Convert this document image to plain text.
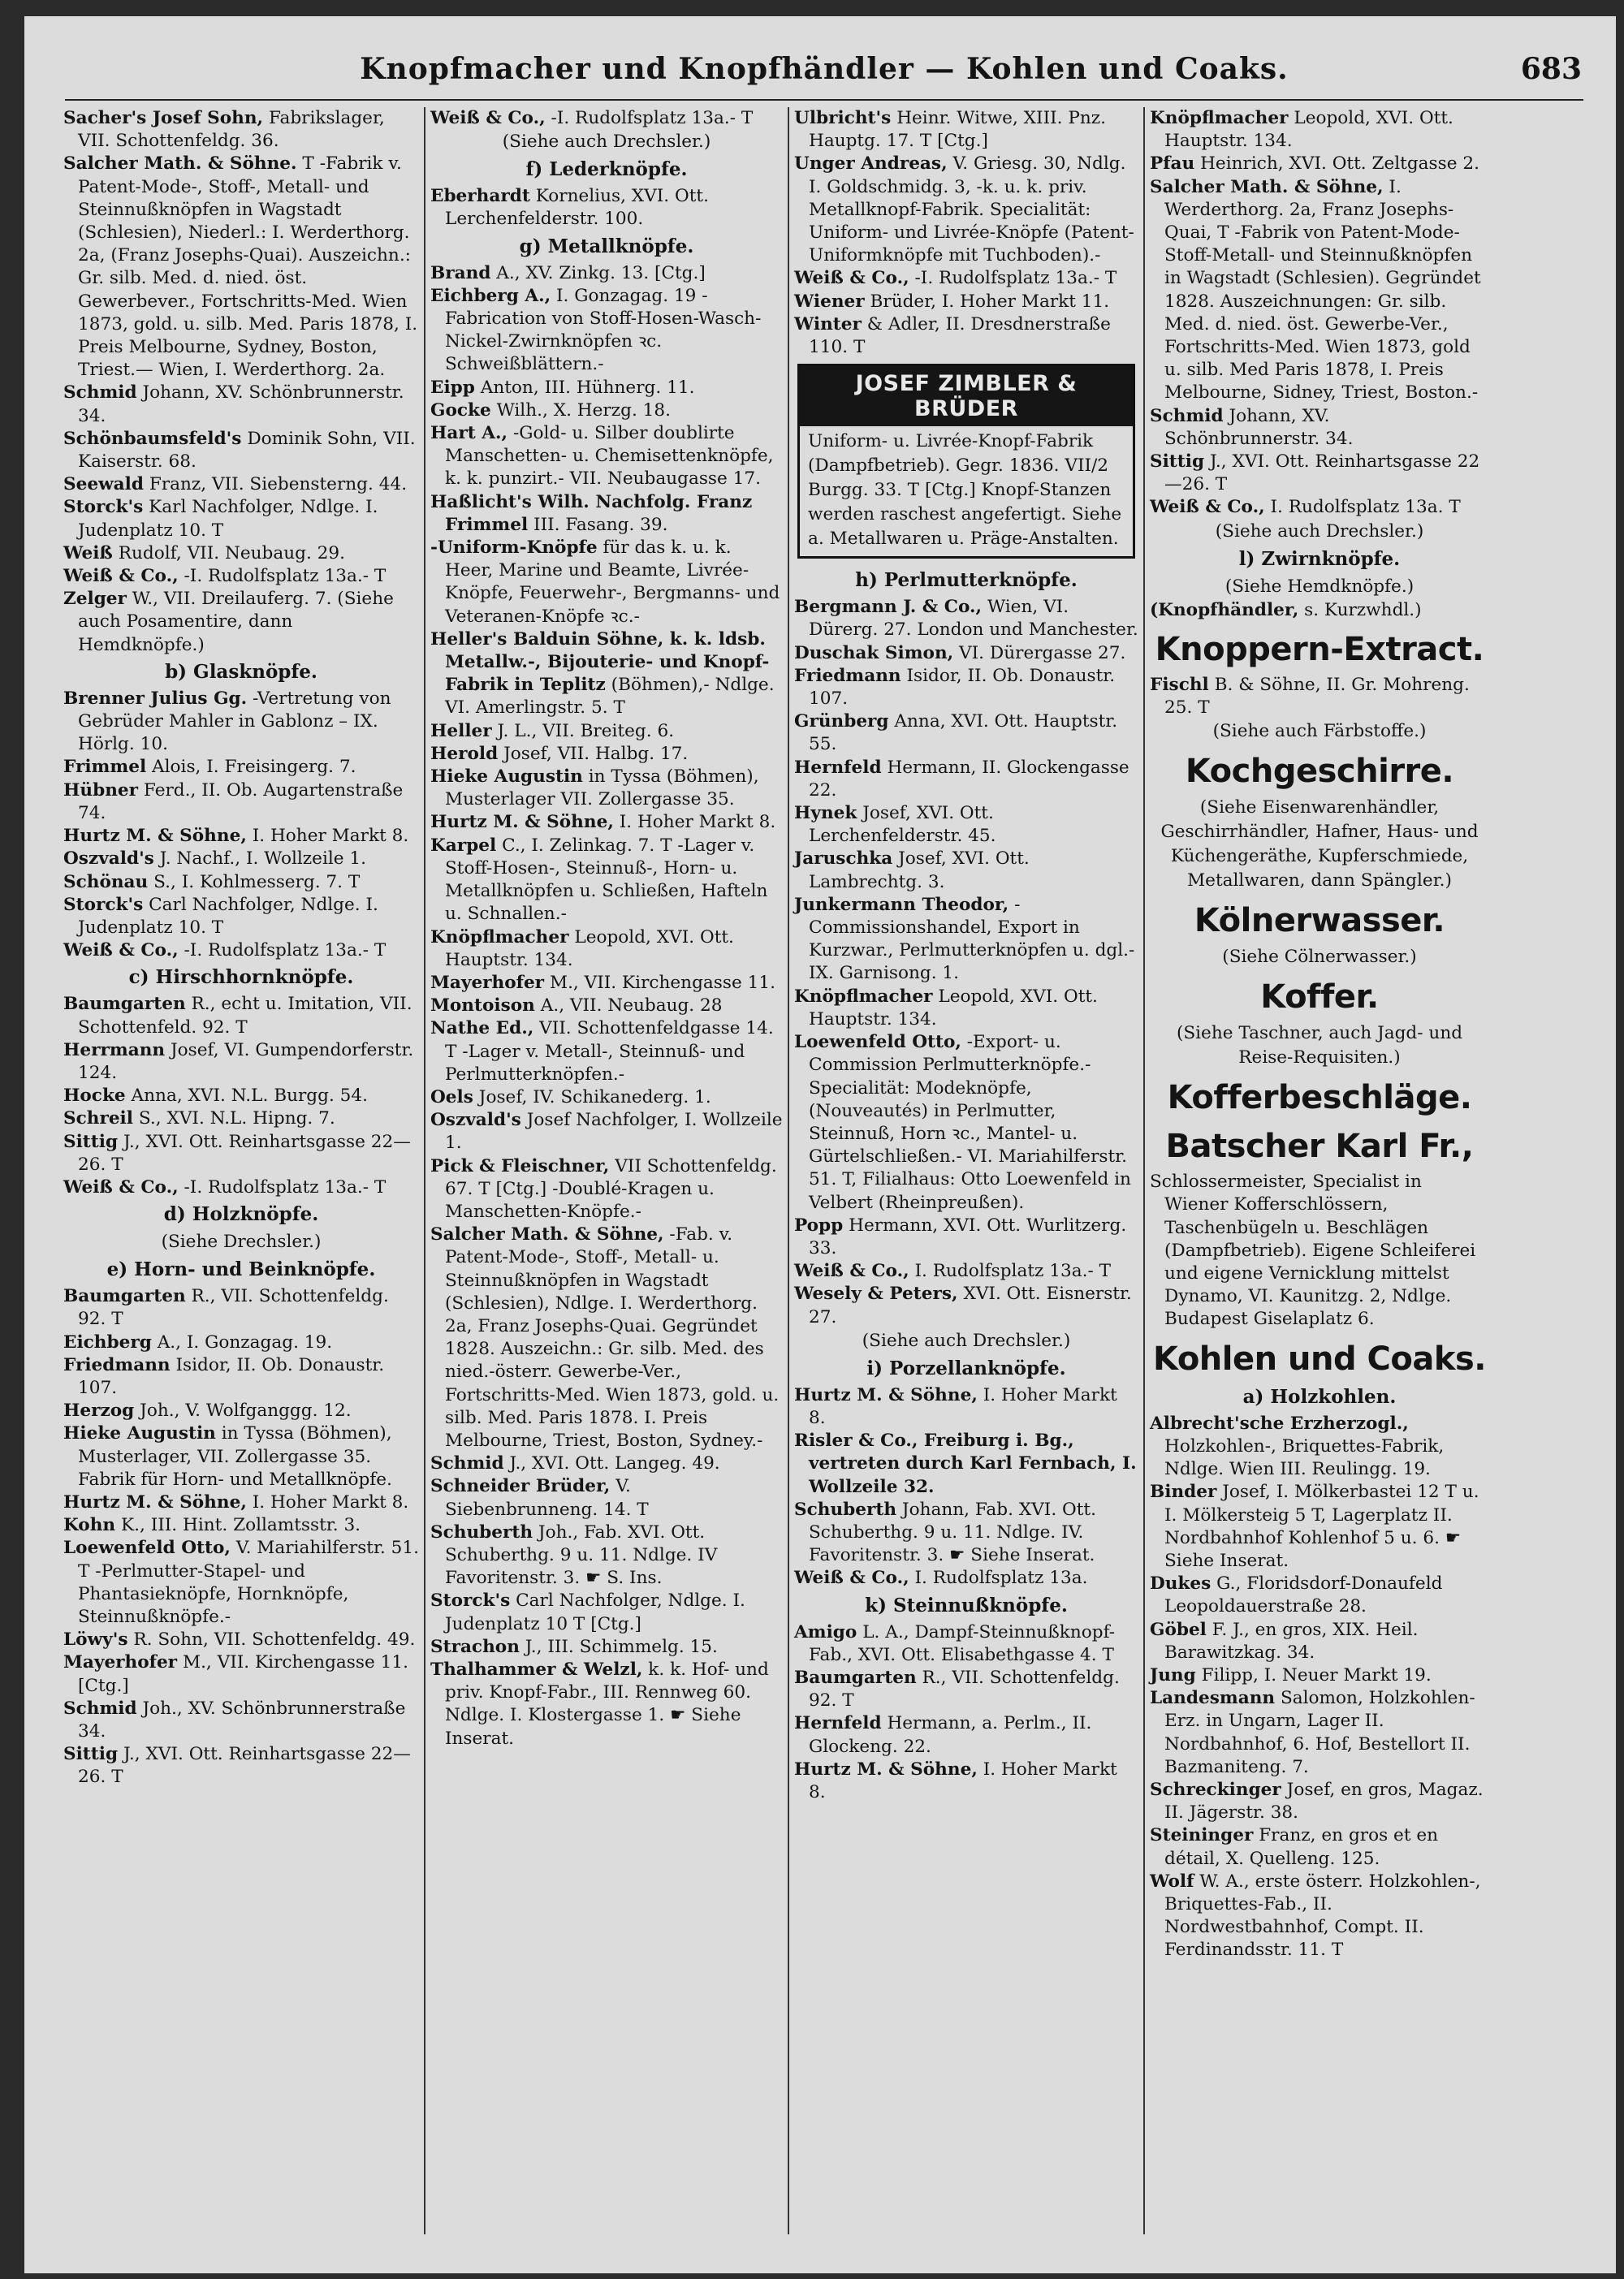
Knopfmacher und Knopfhändler — Kohlen und Coaks.	683
Sacher's Josef Sohn, Fabrikslager, VII. Schottenfeldg. 36.
Salcher Math. & Söhne. T -Fabrik v. Patent-Mode-, Stoff-, Metall- und Steinnußknöpfen in Wagstadt (Schlesien), Niederl.: I. Werderthorg. 2a, (Franz Josephs-Quai). Auszeichn.: Gr. silb. Med. d. nied. öst. Gewerbever., Fortschritts-Med. Wien 1873, gold. u. silb. Med. Paris 1878, I. Preis Melbourne, Sydney, Boston, Triest.— Wien, I. Werderthorg. 2a.
Schmid Johann, XV. Schönbrunnerstr. 34.
Schönbaumsfeld's Dominik Sohn, VII. Kaiserstr. 68.
Seewald Franz, VII. Siebensterng. 44.
Storck's Karl Nachfolger, Ndlge. I. Judenplatz 10. T
Weiß Rudolf, VII. Neubaug. 29.
Weiß & Co., -I. Rudolfsplatz 13a.- T
Zelger W., VII. Dreilauferg. 7. (Siehe auch Posamentire, dann Hemdknöpfe.)
b) Glasknöpfe.
Brenner Julius Gg. -Vertretung von Gebrüder Mahler in Gablonz – IX. Hörlg. 10.
Frimmel Alois, I. Freisingerg. 7.
Hübner Ferd., II. Ob. Augartenstraße 74.
Hurtz M. & Söhne, I. Hoher Markt 8.
Oszvald's J. Nachf., I. Wollzeile 1.
Schönau S., I. Kohlmesserg. 7. T
Storck's Carl Nachfolger, Ndlge. I. Judenplatz 10. T
Weiß & Co., -I. Rudolfsplatz 13a.- T
c) Hirschhornknöpfe.
Baumgarten R., echt u. Imitation, VII. Schottenfeld. 92. T
Herrmann Josef, VI. Gumpendorferstr. 124.
Hocke Anna, XVI. N.L. Burgg. 54.
Schreil S., XVI. N.L. Hipng. 7.
Sittig J., XVI. Ott. Reinhartsgasse 22—26. T
Weiß & Co., -I. Rudolfsplatz 13a.- T
d) Holzknöpfe.
(Siehe Drechsler.)
e) Horn- und Beinknöpfe.
Baumgarten R., VII. Schottenfeldg. 92. T
Eichberg A., I. Gonzagag. 19.
Friedmann Isidor, II. Ob. Donaustr. 107.
Herzog Joh., V. Wolfganggg. 12.
Hieke Augustin in Tyssa (Böhmen), Musterlager, VII. Zollergasse 35. Fabrik für Horn- und Metallknöpfe.
Hurtz M. & Söhne, I. Hoher Markt 8.
Kohn K., III. Hint. Zollamtsstr. 3.
Loewenfeld Otto, V. Mariahilferstr. 51. T -Perlmutter-Stapel- und Phantasieknöpfe, Hornknöpfe, Steinnußknöpfe.-
Löwy's R. Sohn, VII. Schottenfeldg. 49.
Mayerhofer M., VII. Kirchengasse 11. [Ctg.]
Schmid Joh., XV. Schönbrunnerstraße 34.
Sittig J., XVI. Ott. Reinhartsgasse 22—26. T
Weiß & Co., -I. Rudolfsplatz 13a.- T
(Siehe auch Drechsler.)
f) Lederknöpfe.
Eberhardt Kornelius, XVI. Ott. Lerchenfelderstr. 100.
g) Metallknöpfe.
Brand A., XV. Zinkg. 13. [Ctg.]
Eichberg A., I. Gonzagag. 19 -Fabrication von Stoff-Hosen-Wasch-Nickel-Zwirnknöpfen ꝛc. Schweißblättern.-
Eipp Anton, III. Hühnerg. 11.
Gocke Wilh., X. Herzg. 18.
Hart A., -Gold- u. Silber doublirte Manschetten- u. Chemisettenknöpfe, k. k. punzirt.- VII. Neubaugasse 17.
Haßlicht's Wilh. Nachfolg. Franz Frimmel III. Fasang. 39.
-Uniform-Knöpfe für das k. u. k. Heer, Marine und Beamte, Livrée-Knöpfe, Feuerwehr-, Bergmanns- und Veteranen-Knöpfe ꝛc.-
Heller's Balduin Söhne, k. k. ldsb. Metallw.-, Bijouterie- und Knopf-Fabrik in Teplitz (Böhmen),- Ndlge. VI. Amerlingstr. 5. T
Heller J. L., VII. Breiteg. 6.
Herold Josef, VII. Halbg. 17.
Hieke Augustin in Tyssa (Böhmen), Musterlager VII. Zollergasse 35.
Hurtz M. & Söhne, I. Hoher Markt 8.
Karpel C., I. Zelinkag. 7. T -Lager v. Stoff-Hosen-, Steinnuß-, Horn- u. Metallknöpfen u. Schließen, Hafteln u. Schnallen.-
Knöpflmacher Leopold, XVI. Ott. Hauptstr. 134.
Mayerhofer M., VII. Kirchengasse 11.
Montoison A., VII. Neubaug. 28
Nathe Ed., VII. Schottenfeldgasse 14. T -Lager v. Metall-, Steinnuß- und Perlmutterknöpfen.-
Oels Josef, IV. Schikanederg. 1.
Oszvald's Josef Nachfolger, I. Wollzeile 1.
Pick & Fleischner, VII Schottenfeldg. 67. T [Ctg.] -Doublé-Kragen u. Manschetten-Knöpfe.-
Salcher Math. & Söhne, -Fab. v. Patent-Mode-, Stoff-, Metall- u. Steinnußknöpfen in Wagstadt (Schlesien), Ndlge. I. Werderthorg. 2a, Franz Josephs-Quai. Gegründet 1828. Auszeichn.: Gr. silb. Med. des nied.-österr. Gewerbe-Ver., Fortschritts-Med. Wien 1873, gold. u. silb. Med. Paris 1878. I. Preis Melbourne, Triest, Boston, Sydney.-
Schmid J., XVI. Ott. Langeg. 49.
Schneider Brüder, V. Siebenbrunneng. 14. T
Schuberth Joh., Fab. XVI. Ott. Schuberthg. 9 u. 11. Ndlge. IV Favoritenstr. 3. ☛ S. Ins.
Storck's Carl Nachfolger, Ndlge. I. Judenplatz 10 T [Ctg.]
Strachon J., III. Schimmelg. 15.
Thalhammer & Welzl, k. k. Hof- und priv. Knopf-Fabr., III. Rennweg 60. Ndlge. I. Klostergasse 1. ☛ Siehe Inserat.
Ulbricht's Heinr. Witwe, XIII. Pnz. Hauptg. 17. T [Ctg.]
Unger Andreas, V. Griesg. 30, Ndlg. I. Goldschmidg. 3, -k. u. k. priv. Metallknopf-Fabrik. Specialität: Uniform- und Livrée-Knöpfe (Patent-Uniformknöpfe mit Tuchboden).-
Weiß & Co., -I. Rudolfsplatz 13a.- T
Wiener Brüder, I. Hoher Markt 11.
Winter & Adler, II. Dresdnerstraße 110. T
JOSEF ZIMBLER & BRÜDER
Uniform- u. Livrée-Knopf-Fabrik (Dampfbetrieb). Gegr. 1836. VII/2 Burgg. 33. T [Ctg.] Knopf-Stanzen werden raschest angefertigt. Siehe a. Metallwaren u. Präge-Anstalten.
h) Perlmutterknöpfe.
Bergmann J. & Co., Wien, VI. Dürerg. 27. London und Manchester.
Duschak Simon, VI. Dürergasse 27.
Friedmann Isidor, II. Ob. Donaustr. 107.
Grünberg Anna, XVI. Ott. Hauptstr. 55.
Hernfeld Hermann, II. Glockengasse 22.
Hynek Josef, XVI. Ott. Lerchenfelderstr. 45.
Jaruschka Josef, XVI. Ott. Lambrechtg. 3.
Junkermann Theodor, -Commissionshandel, Export in Kurzwar., Perlmutterknöpfen u. dgl.- IX. Garnisong. 1.
Knöpflmacher Leopold, XVI. Ott. Hauptstr. 134.
Loewenfeld Otto, -Export- u. Commission Perlmutterknöpfe.- Specialität: Modeknöpfe, (Nouveautés) in Perlmutter, Steinnuß, Horn ꝛc., Mantel- u. Gürtelschließen.- VI. Mariahilferstr. 51. T, Filialhaus: Otto Loewenfeld in Velbert (Rheinpreußen).
Popp Hermann, XVI. Ott. Wurlitzerg. 33.
Weiß & Co., I. Rudolfsplatz 13a.- T
Wesely & Peters, XVI. Ott. Eisnerstr. 27.
(Siehe auch Drechsler.)
i) Porzellanknöpfe.
Hurtz M. & Söhne, I. Hoher Markt 8.
Risler & Co., Freiburg i. Bg., vertreten durch Karl Fernbach, I. Wollzeile 32.
Schuberth Johann, Fab. XVI. Ott. Schuberthg. 9 u. 11. Ndlge. IV. Favoritenstr. 3. ☛ Siehe Inserat.
Weiß & Co., I. Rudolfsplatz 13a.
k) Steinnußknöpfe.
Amigo L. A., Dampf-Steinnußknopf-Fab., XVI. Ott. Elisabethgasse 4. T
Baumgarten R., VII. Schottenfeldg. 92. T
Hernfeld Hermann, a. Perlm., II. Glockeng. 22.
Hurtz M. & Söhne, I. Hoher Markt 8.
Knöpflmacher Leopold, XVI. Ott. Hauptstr. 134.
Pfau Heinrich, XVI. Ott. Zeltgasse 2.
Salcher Math. & Söhne, I. Werderthorg. 2a, Franz Josephs-Quai, T -Fabrik von Patent-Mode-Stoff-Metall- und Steinnußknöpfen in Wagstadt (Schlesien). Gegründet 1828. Auszeichnungen: Gr. silb. Med. d. nied. öst. Gewerbe-Ver., Fortschritts-Med. Wien 1873, gold u. silb. Med Paris 1878, I. Preis Melbourne, Sidney, Triest, Boston.-
Schmid Johann, XV. Schönbrunnerstr. 34.
Sittig J., XVI. Ott. Reinhartsgasse 22—26. T
Weiß & Co., I. Rudolfsplatz 13a. T
(Siehe auch Drechsler.)
l) Zwirnknöpfe.
(Siehe Hemdknöpfe.)
(Knopfhändler, s. Kurzwhdl.)
Knoppern-Extract.
Fischl B. & Söhne, II. Gr. Mohreng. 25. T
(Siehe auch Färbstoffe.)
Kochgeschirre.
(Siehe Eisenwarenhändler, Geschirrhändler, Hafner, Haus- und Küchengeräthe, Kupferschmiede, Metallwaren, dann Spängler.)
Kölnerwasser.
(Siehe Cölnerwasser.)
Koffer.
(Siehe Taschner, auch Jagd- und Reise-Requisiten.)
Kofferbeschläge.
Batscher Karl Fr.,
Schlossermeister, Specialist in Wiener Kofferschlössern, Taschenbügeln u. Beschlägen (Dampfbetrieb). Eigene Schleiferei und eigene Vernicklung mittelst Dynamo, VI. Kaunitzg. 2, Ndlge. Budapest Giselaplatz 6.
Kohlen und Coaks.
a) Holzkohlen.
Albrecht'sche Erzherzogl., Holzkohlen-, Briquettes-Fabrik, Ndlge. Wien III. Reulingg. 19.
Binder Josef, I. Mölkerbastei 12 T u. I. Mölkersteig 5 T, Lagerplatz II. Nordbahnhof Kohlenhof 5 u. 6. ☛ Siehe Inserat.
Dukes G., Floridsdorf-Donaufeld Leopoldauerstraße 28.
Göbel F. J., en gros, XIX. Heil. Barawitzkag. 34.
Jung Filipp, I. Neuer Markt 19.
Landesmann Salomon, Holzkohlen-Erz. in Ungarn, Lager II. Nordbahnhof, 6. Hof, Bestellort II. Bazmaniteng. 7.
Schreckinger Josef, en gros, Magaz. II. Jägerstr. 38.
Steininger Franz, en gros et en détail, X. Quelleng. 125.
Wolf W. A., erste österr. Holzkohlen-, Briquettes-Fab., II. Nordwestbahnhof, Compt. II. Ferdinandsstr. 11. T
